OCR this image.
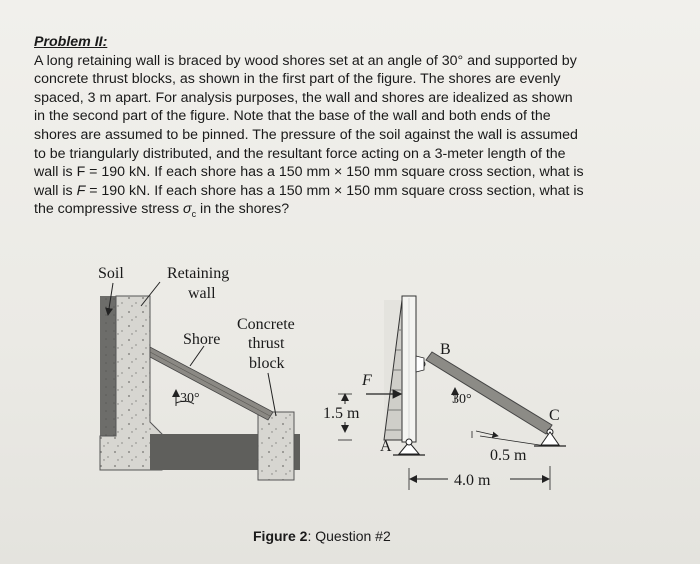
Problem II:
A long retaining wall is braced by wood shores set at an angle of 30° and supported by
concrete thrust blocks, as shown in the first part of the figure. The shores are evenly
spaced, 3 m apart. For analysis purposes, the wall and shores are idealized as shown
in the second part of the figure. Note that the base of the wall and both ends of the
shores are assumed to be pinned. The pressure of the soil against the wall is assumed
to be triangularly distributed, and the resultant force acting on a 3-meter length of the
wall is F = 190 kN. If each shore has a 150 mm × 150 mm square cross section, what is
wall is F = 190 kN. If each shore has a 150 mm × 150 mm square cross section, what is
the compressive stress $\sigma_c$ in the shores?
Soil	Retaining
wall
Concrete
Shore thrust
block
30°
F
1.5 m
A
B
C
30°
0.5 m
4.0 m
Figure 2: Question #2
